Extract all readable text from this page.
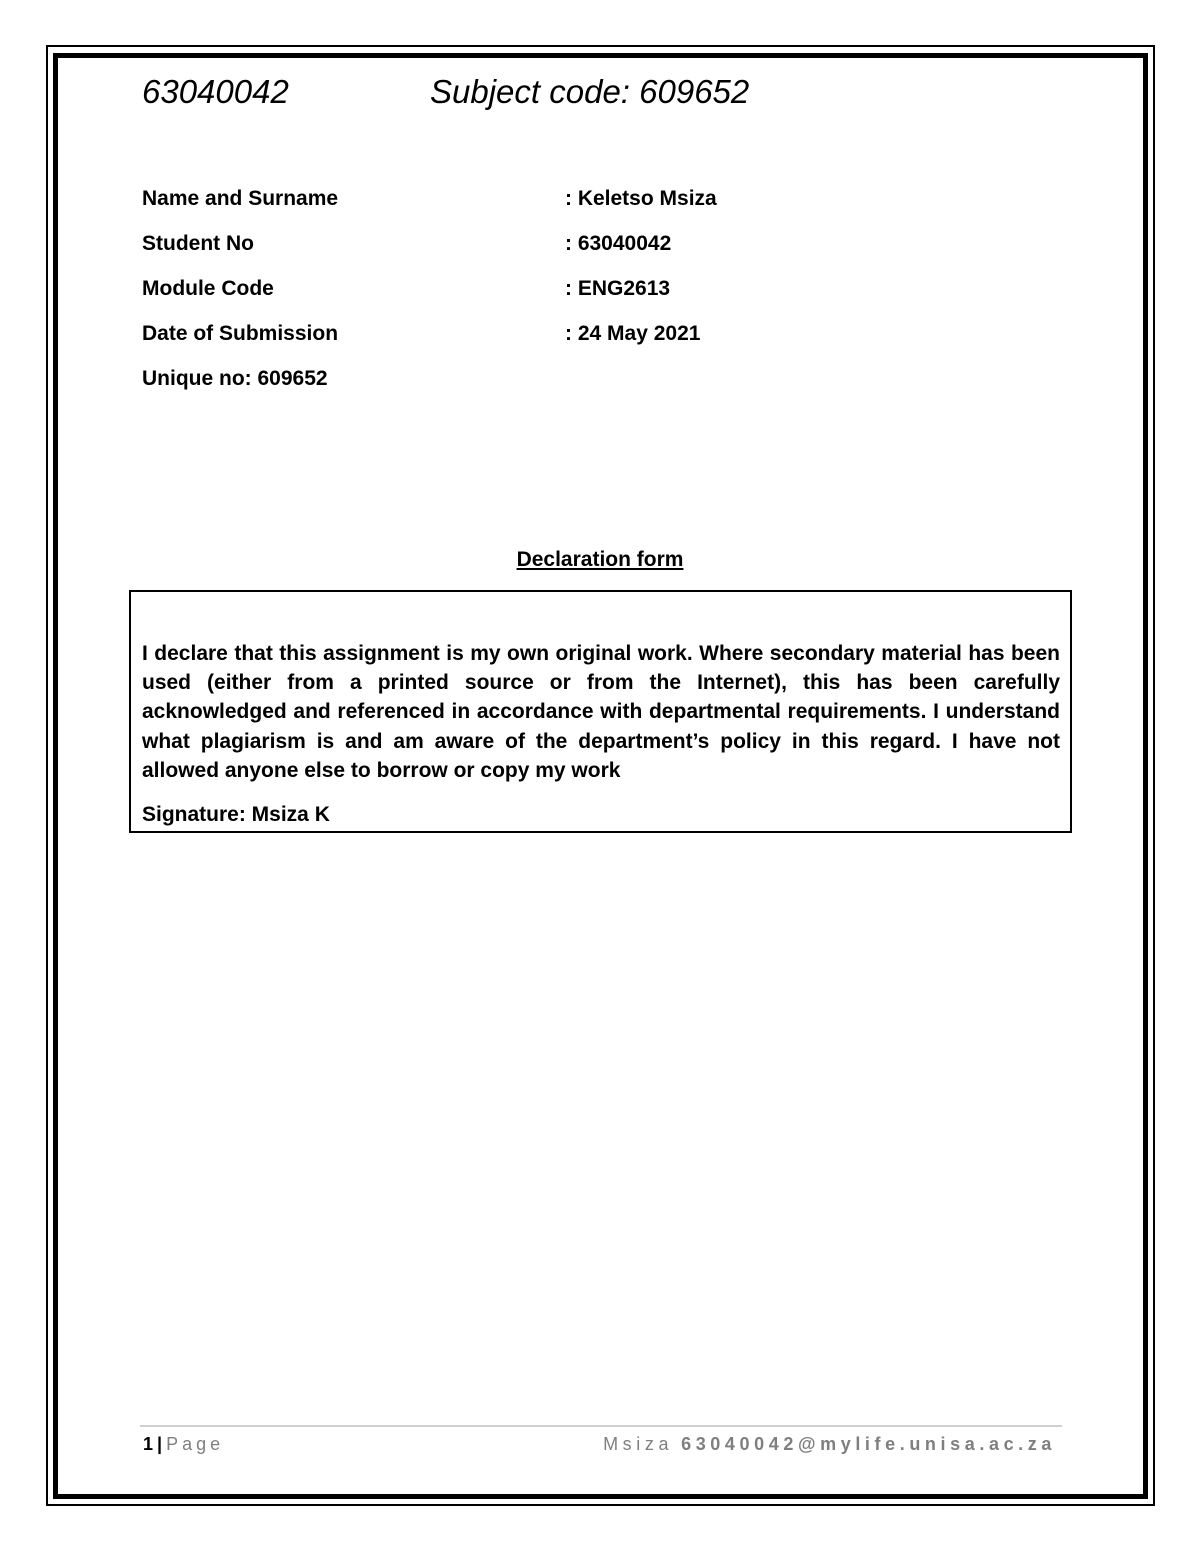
63040042	Subject code: 609652
Name and Surname	: Keletso Msiza
Student No	: 63040042
Module Code	: ENG2613
Date of Submission	: 24 May 2021
Unique no: 609652
Declaration form
I declare that this assignment is my own original work. Where secondary material has been used (either from a printed source or from the Internet), this has been carefully acknowledged and referenced in accordance with departmental requirements. I understand what plagiarism is and am aware of the department’s policy in this regard. I have not allowed anyone else to borrow or copy my work
Signature: Msiza K
1 | Page	Msiza 63040042@mylife.unisa.ac.za
